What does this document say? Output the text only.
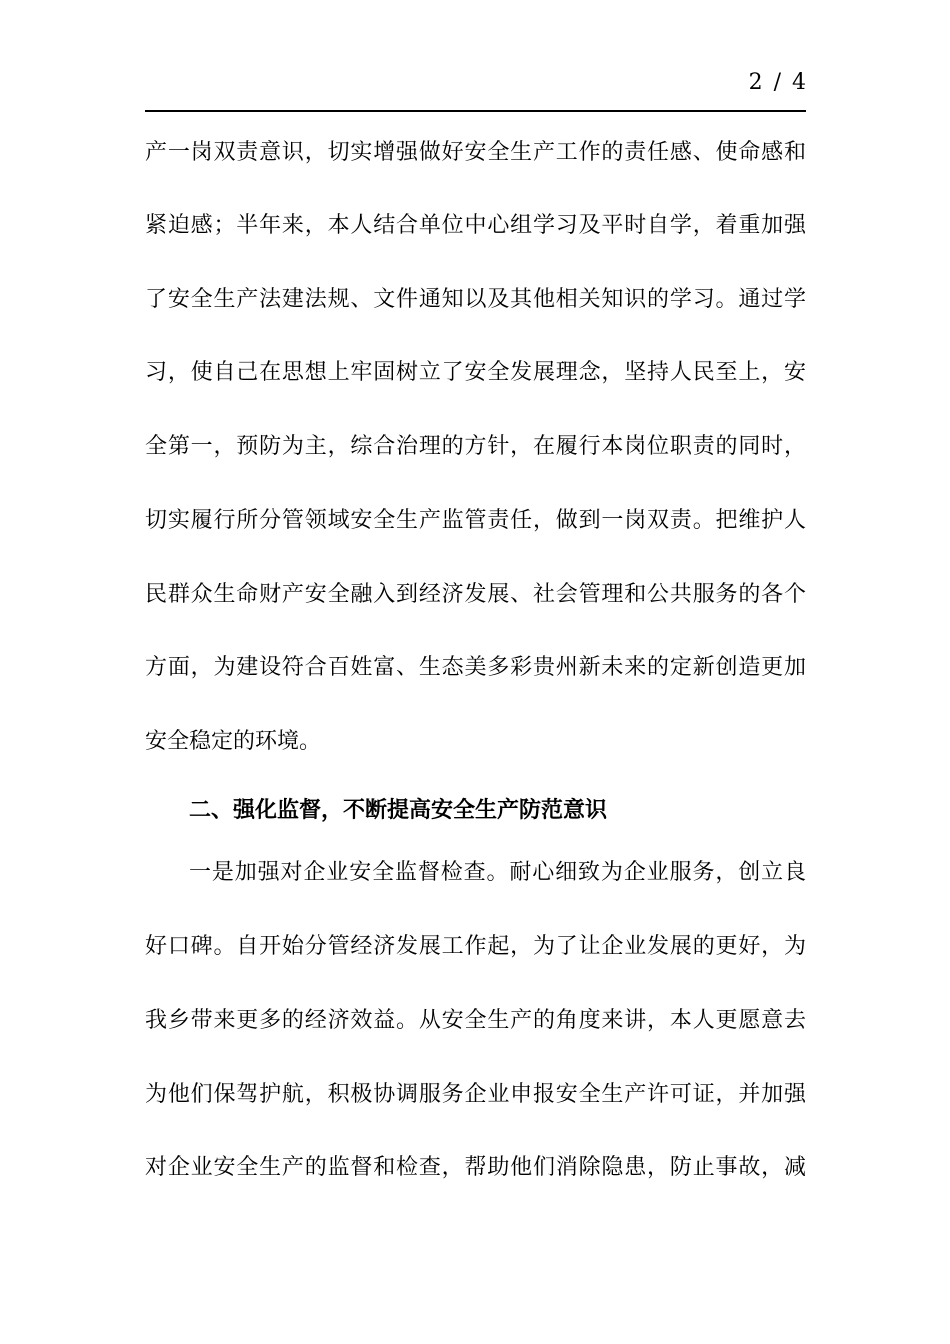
2 / 4
产一岗双责意识，切实增强做好安全生产工作的责任感、使命感和
紧迫感；半年来，本人结合单位中心组学习及平时自学，着重加强
了安全生产法建法规、文件通知以及其他相关知识的学习。通过学
习，使自己在思想上牢固树立了安全发展理念，坚持人民至上，安
全第一，预防为主，综合治理的方针，在履行本岗位职责的同时，
切实履行所分管领域安全生产监管责任，做到一岗双责。把维护人
民群众生命财产安全融入到经济发展、社会管理和公共服务的各个
方面，为建设符合百姓富、生态美多彩贵州新未来的定新创造更加
安全稳定的环境。
二、强化监督，不断提高安全生产防范意识
一是加强对企业安全监督检查。耐心细致为企业服务，创立良
好口碑。自开始分管经济发展工作起，为了让企业发展的更好，为
我乡带来更多的经济效益。从安全生产的角度来讲，本人更愿意去
为他们保驾护航，积极协调服务企业申报安全生产许可证，并加强
对企业安全生产的监督和检查，帮助他们消除隐患，防止事故，减
